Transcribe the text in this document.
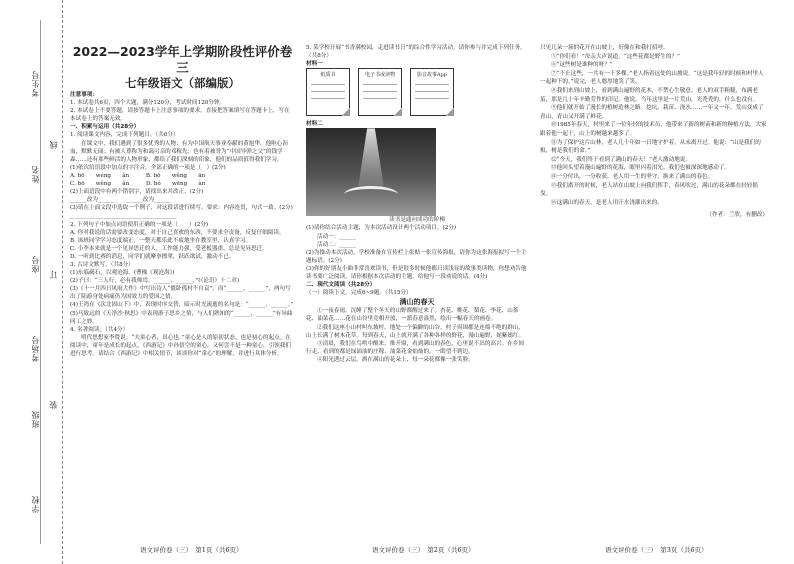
考生号
姓名
座号
考场号
班级
学校
线
订
装
2022—2023学年上学期阶段性评价卷三
七年级语文（部编版）
注意事项：
1. 本试卷共6页，四个大题，满分120分，考试时间120分钟。
2. 本试卷上不要答题，请按答题卡上注意事项的要求，直接把答案填写在答题卡上，写在本试卷上的答案无效。
一、积累与运用（共28分）
1. 阅读课文内容，完成下列题目。（共6分）
在课文中，我们遇到了很多优秀的人物：有为中国航天事业奉献的黄旭华，他呕心沥血，默默无闻；有被人尊称为和蔼可亲的邓稼先；也有着被誉为“中国导弹之父”的钱学森……还有那些鲜活的人物形象，都给了我们深刻的印象，他们的品质值得我们学习。
(1)依次给语段中加点的字注音，全部正确的一项是（　）(2分)
A. bō　　wéng　　ǎn　　　B. bō　　wěng　　ān
C. bō　　wěng　　ǎn　　　D. bó　　wēng　　àn
(2)上面语段中有两个错别字，请找出来并改正。(2分)
______改为______　　______改为______
(3)请在上面文段中选取一个例子，对这段话进行续写。要求：内容连贯，句式一致。(2分)
______________________________________
2. 下列句子中加点词语使用正确的一项是（　　）(2分)
A. 你对我说的话需要改变态度，对于自己喜欢的东西，不要求全责备，反复仔细阅读。
B. 该班同学学习态度端正，一整天都乐此不疲地坐在教室里，认真学习。
C. 小李本来就是一个见异思迁的人，工作能力强，受老板器重，总是见异思迁。
D. 一听到比赛的消息，同学们就摩拳擦掌，跃跃欲试，激动不已。
3. 古诗文默写。（共8分）
(1)东临碣石，以观沧海。(曹操《观沧海》)
(2)子曰：“三人行，必有我师焉。______，______。”(《论语》十二章)
(3)《十一月四日风雨大作》中写出诗人“僵卧孤村不自哀”，而“______，______”，两句写出了陆游身处病痛仍为国效力的爱国之情。
(4)王湾在《次北固山下》中，表现时序交替，暗示时光流逝的名句是：“______，______。”
(5)马致远的《天净沙·秋思》中表现游子思乡之情，与人们熟知的“______，______”有异曲同工之妙。
4. 名著阅读。（共4分）
明代思想家李贽说：“夫童心者，真心也。”童心是人的原初状态，也是初心的起点。在阅读中，童年是成长的起点，《西游记》中孙悟空的童心，又何尝不是一种童心，引领我们进行思考。请结合《西游记》中相关情节，谈谈你对“童心”的理解，并进行具体分析。
5. 某学校开展“书香满校园，走进读书日”的综合性学习活动，请你参与并完成下列任务。（共8分）
材料一
纸质书	电子书或读物	影音故事App
材料二
读书是通向成功的阶梯
(1)请你结合活动主题，为本次活动设计两个活动项目。(2分)
活动一：______
活动二：______
(2)为推动本次活动，学校准备在宣传栏上张贴一张宣传海报，请你为这张海报拟写一个主题标语。(2分)
(3)你的好朋友小曲非常喜欢读书，但是很多时候他都只读浅显的故事类读物，你想劝告他读书要广泛阅读，请你根据本次活动的主题，给他写一段劝说的话。(4分)
二、现代文阅读（共28分）
（一）阅读下文，完成6~9题。（共15分）
满山的春天
①一夜春雨，沉睡了整个冬天的山野都醒过来了。杏花、桃花、梨花、李花、山茶花、油菜花……花在山谷里竞相开放，一派春意盎然，绘出一幅春天的画卷。
②我们这座小山村叫东坡村，地处一个偏僻的山谷，村子周围都是连绵不绝的群山，山上长满了树木花草。每到春天，山上就开满了各种各样的野花，漫山遍野，姹紫嫣红。
③清晨，我们在鸟鸣中醒来，推开窗，看到满山的春色，心里说不出的高兴。在乡间行走，看到的都是绿油油的庄稼，油菜花金灿灿的，一眼望不到边。
④阳光透过云层，洒在满山的花朵上，每一朵花都像一张笑脸。
只见几朵一簇的花开在山坡上，好像在和我打招呼。
⑤“你们看！”母亲大声说道。“这些花都是野生的？”
⑥“这些树是谁种的呀？”
⑦“不止这些，一共有一千多棵。”老人指着远处的山坡说。“这是我年轻的时候和村里人一起种下的。”说完，老人憨厚地笑了笑。
⑧我们来到山坡上，看到满山遍野的花木，不禁心生敬意。老人的双手粗糙，布满老茧，那是几十年辛勤劳作的印记。他说，当年这里是一片荒山，光秃秃的，什么也没有。
⑨他们就开始了漫长的植树造林之路。挖坑、栽苗、浇水……一年又一年，荒山变成了青山，青山又开满了鲜花。
⑩1985年春天，村里来了一位年轻的技术员，他带来了新的树苗和新的种植方法，大家跟着他一起干，山上的树越来越多了。
⑪为了保护这片山林，老人几十年如一日地守护着，从未离开过。他说：“山是我们的根，树是我们的命。”
⑫“今天，我们终于看到了满山的春天！”老人激动地说。
⑬他回头望着漫山遍野的花海，眼里闪着泪光。我们也被深深地感动了。
⑭一分付出，一分收获。老人用一生的坚守，换来了满山的春色。
⑮我们离开的时候，老人站在山坡上向我们挥手，春风吹过，满山的花朵都在轻轻摇曳。
⑯这满山的春天，是老人用汗水浇灌出来的。
（作者：兰欣，有删改）
语文评价卷（三）　第1页（共6页）	语文评价卷（三）　第2页（共6页）	语文评价卷（三）　第3页（共6页）
